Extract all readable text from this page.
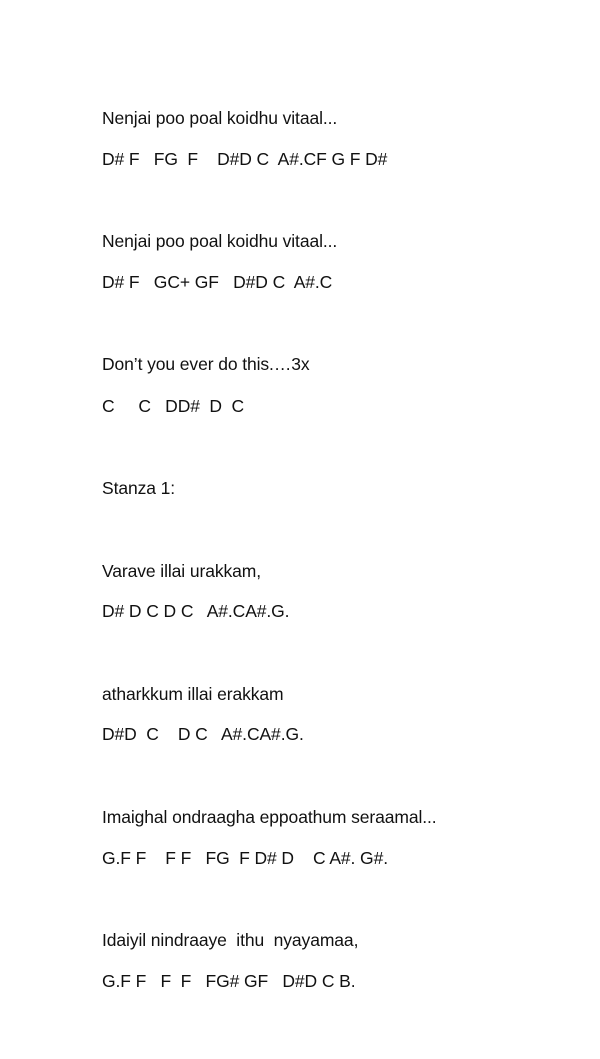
Nenjai poo poal koidhu vitaal...
D# F   FG  F    D#D C  A#.CF G F D#
Nenjai poo poal koidhu vitaal...
D# F   GC+ GF   D#D C  A#.C
Don’t you ever do this.…3x
C     C   DD#  D  C
Stanza 1:
Varave illai urakkam,
D# D C D C   A#.CA#.G.
atharkkum illai erakkam
D#D  C    D C   A#.CA#.G.
Imaighal ondraagha eppoathum seraamal...
G.F F    F F   FG  F D# D    C A#. G#.
Idaiyil nindraaye  ithu  nyayamaa,
G.F F   F  F   FG# GF   D#D C B.
